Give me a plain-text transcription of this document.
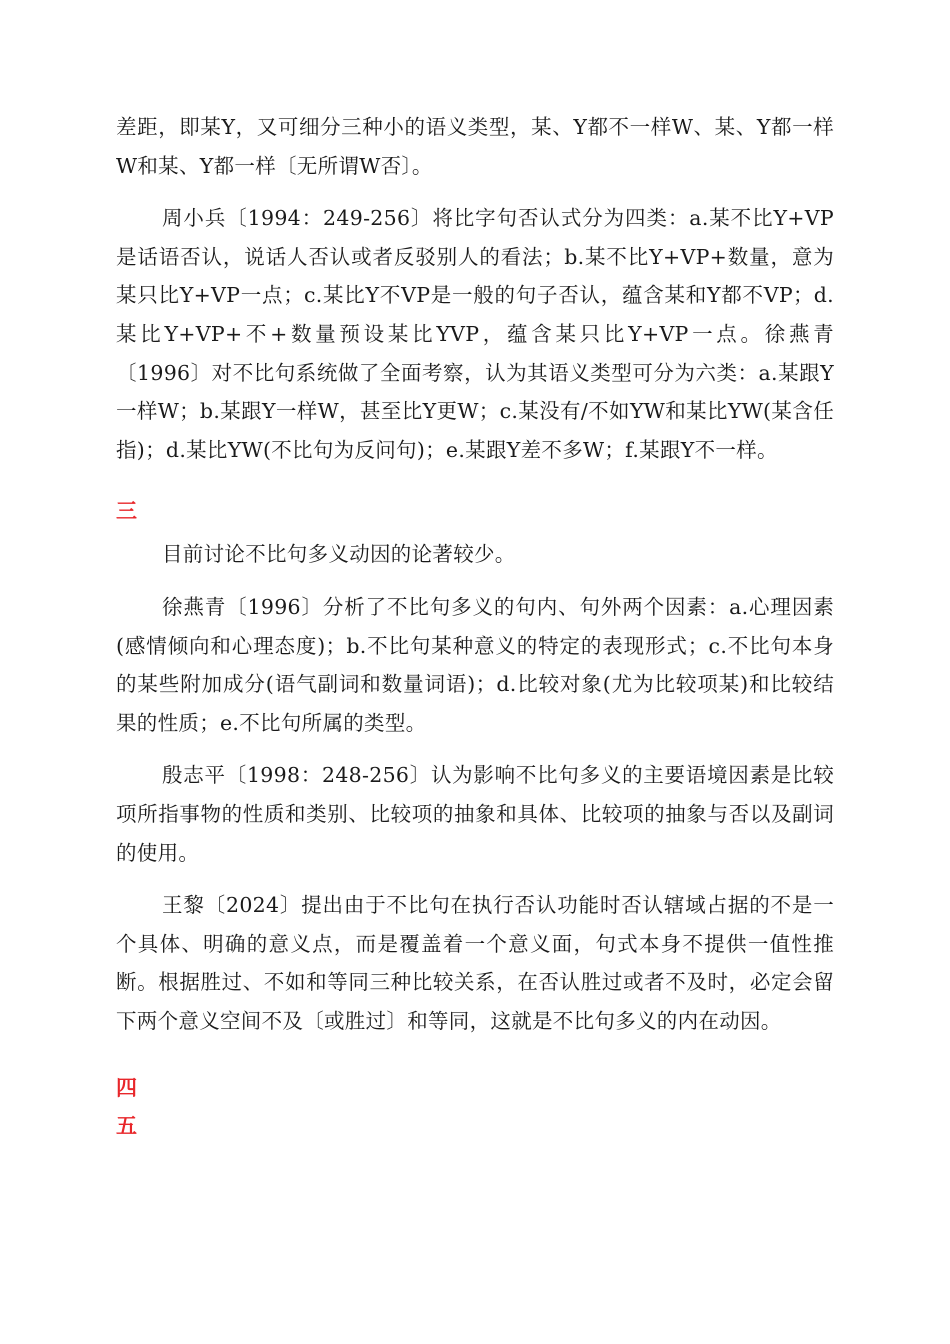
差距，即某Y，又可细分三种小的语义类型，某、Y都不一样W、某、Y都一样W和某、Y都一样〔无所谓W否〕。

周小兵〔1994：249-256〕将比字句否认式分为四类：a.某不比Y+VP是话语否认，说话人否认或者反驳别人的看法；b.某不比Y+VP+数量，意为某只比Y+VP一点；c.某比Y不VP是一般的句子否认，蕴含某和Y都不VP；d.某比Y+VP+不+数量预设某比YVP，蕴含某只比Y+VP一点。徐燕青〔1996〕对不比句系统做了全面考察，认为其语义类型可分为六类：a.某跟Y一样W；b.某跟Y一样W，甚至比Y更W；c.某没有/不如YW和某比YW(某含任指)；d.某比YW(不比句为反问句)；e.某跟Y差不多W；f.某跟Y不一样。

三

目前讨论不比句多义动因的论著较少。

徐燕青〔1996〕分析了不比句多义的句内、句外两个因素：a.心理因素(感情倾向和心理态度)；b.不比句某种意义的特定的表现形式；c.不比句本身的某些附加成分(语气副词和数量词语)；d.比较对象(尤为比较项某)和比较结果的性质；e.不比句所属的类型。

殷志平〔1998：248-256〕认为影响不比句多义的主要语境因素是比较项所指事物的性质和类别、比较项的抽象和具体、比较项的抽象与否以及副词的使用。

王黎〔2024〕提出由于不比句在执行否认功能时否认辖域占据的不是一个具体、明确的意义点，而是覆盖着一个意义面，句式本身不提供一值性推断。根据胜过、不如和等同三种比较关系，在否认胜过或者不及时，必定会留下两个意义空间不及〔或胜过〕和等同，这就是不比句多义的内在动因。

四
五
